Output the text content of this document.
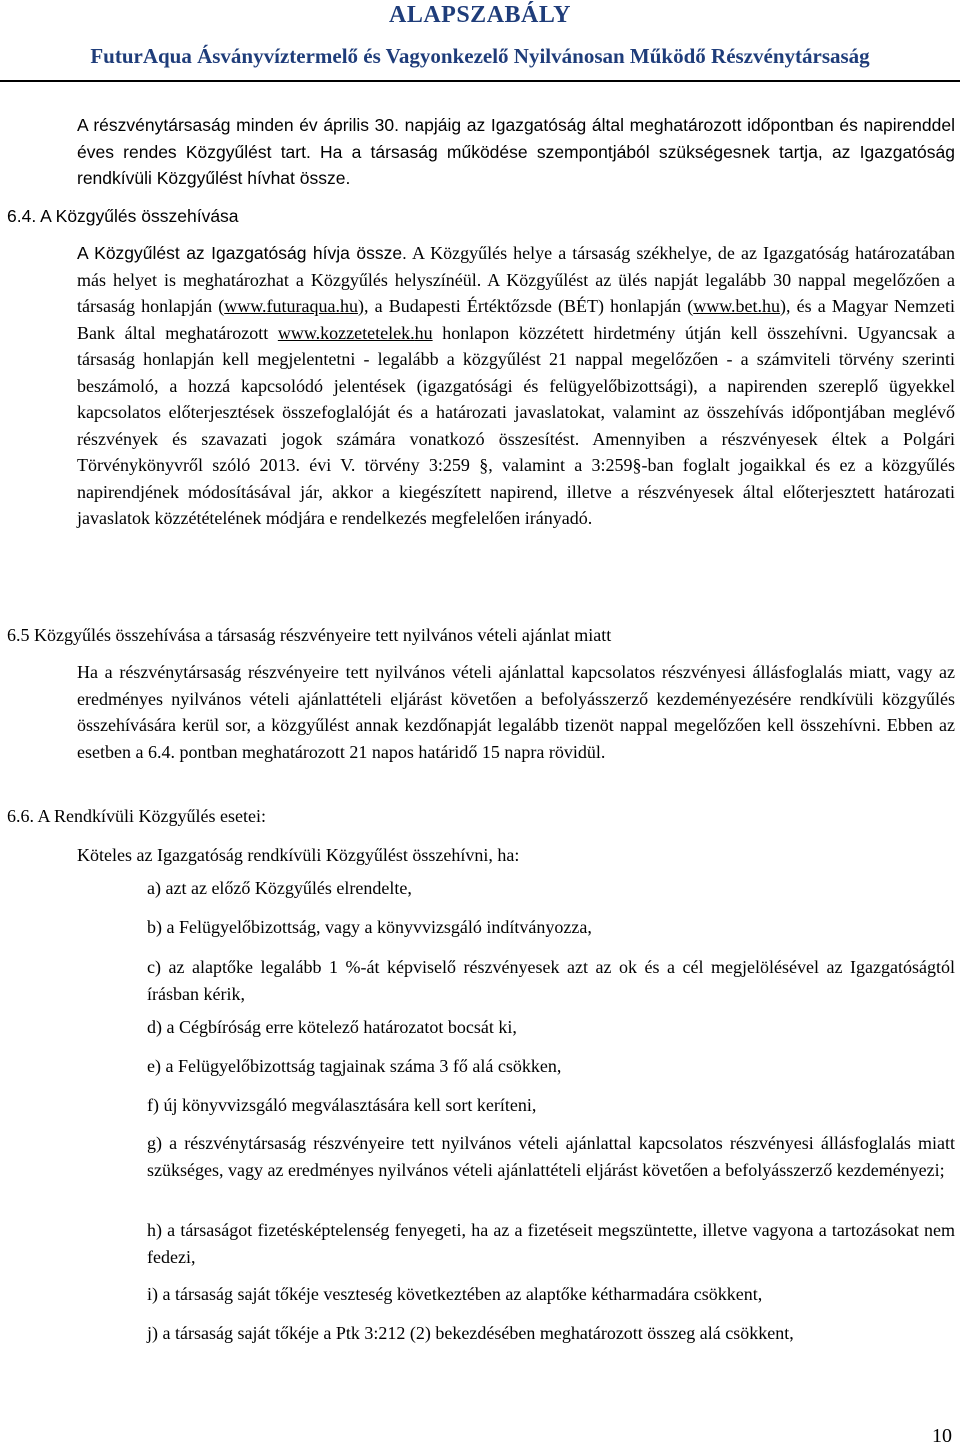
ALAPSZABÁLY
FuturAqua Ásványvíztermelő és Vagyonkezelő Nyilvánosan Működő Részvénytársaság

A részvénytársaság minden év április 30. napjáig az Igazgatóság által meghatározott időpontban és napirenddel éves rendes Közgyűlést tart. Ha a társaság működése szempontjából szükségesnek tartja, az Igazgatóság rendkívüli Közgyűlést hívhat össze.

6.4. A Közgyűlés összehívása

A Közgyűlést az Igazgatóság hívja össze. A Közgyűlés helye a társaság székhelye, de az Igazgatóság határozatában más helyet is meghatározhat a Közgyűlés helyszínéül. A Közgyűlést az ülés napját legalább 30 nappal megelőzően a társaság honlapján (www.futuraqua.hu), a Budapesti Értéktőzsde (BÉT) honlapján (www.bet.hu), és a Magyar Nemzeti Bank által meghatározott www.kozzetetelek.hu honlapon közzétett hirdetmény útján kell összehívni. Ugyancsak a társaság honlapján kell megjelentetni - legalább a közgyűlést 21 nappal megelőzően - a számviteli törvény szerinti beszámoló, a hozzá kapcsolódó jelentések (igazgatósági és felügyelőbizottsági), a napirenden szereplő ügyekkel kapcsolatos előterjesztések összefoglalóját és a határozati javaslatokat, valamint az összehívás időpontjában meglévő részvények és szavazati jogok számára vonatkozó összesítést. Amennyiben a részvényesek éltek a Polgári Törvénykönyvről szóló 2013. évi V. törvény 3:259 §, valamint a 3:259§-ban foglalt jogaikkal és ez a közgyűlés napirendjének módosításával jár, akkor a kiegészített napirend, illetve a részvényesek által előterjesztett határozati javaslatok közzétételének módjára e rendelkezés megfelelően irányadó.

6.5 Közgyűlés összehívása a társaság részvényeire tett nyilvános vételi ajánlat miatt

Ha a részvénytársaság részvényeire tett nyilvános vételi ajánlattal kapcsolatos részvényesi állásfoglalás miatt, vagy az eredményes nyilvános vételi ajánlattételi eljárást követően a befolyásszerző kezdeményezésére rendkívüli közgyűlés összehívására kerül sor, a közgyűlést annak kezdőnapját legalább tizenöt nappal megelőzően kell összehívni. Ebben az esetben a 6.4. pontban meghatározott 21 napos határidő 15 napra rövidül.

6.6. A Rendkívüli Közgyűlés esetei:
Köteles az Igazgatóság rendkívüli Közgyűlést összehívni, ha:

a) azt az előző Közgyűlés elrendelte,

b) a Felügyelőbizottság, vagy a könyvvizsgáló indítványozza,

c) az alaptőke legalább 1 %-át képviselő részvényesek azt az ok és a cél megjelölésével az Igazgatóságtól írásban kérik,

d) a Cégbíróság erre kötelező határozatot bocsát ki,

e) a Felügyelőbizottság tagjainak száma 3 fő alá csökken,

f) új könyvvizsgáló megválasztására kell sort keríteni,

g) a részvénytársaság részvényeire tett nyilvános vételi ajánlattal kapcsolatos részvényesi állásfoglalás miatt szükséges, vagy az eredményes nyilvános vételi ajánlattételi eljárást követően a befolyásszerző kezdeményezi;

h) a társaságot fizetésképtelenség fenyegeti, ha az a fizetéseit megszüntette, illetve vagyona a tartozásokat nem fedezi,

i) a társaság saját tőkéje veszteség következtében az alaptőke kétharmadára csökkent,

j) a társaság saját tőkéje a Ptk 3:212 (2) bekezdésében meghatározott összeg alá csökkent,

10
